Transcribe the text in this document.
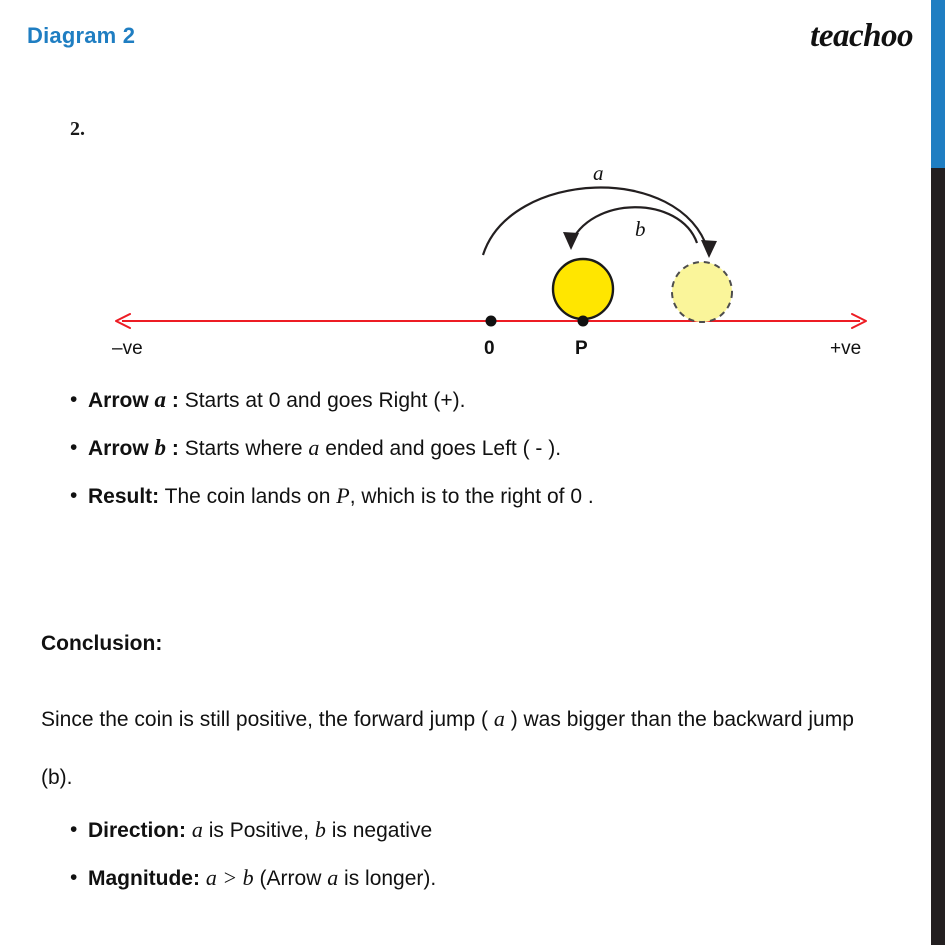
Diagram 2	teachoo
2.
a
b
–ve	+ve
0	P
• Arrow a : Starts at 0 and goes Right (+).
• Arrow b : Starts where a ended and goes Left ( - ).
• Result: The coin lands on P, which is to the right of 0 .
Conclusion:
Since the coin is still positive, the forward jump ( a ) was bigger than the backward jump (b).
• Direction: a is Positive, b is negative
• Magnitude: a > b (Arrow a is longer).
